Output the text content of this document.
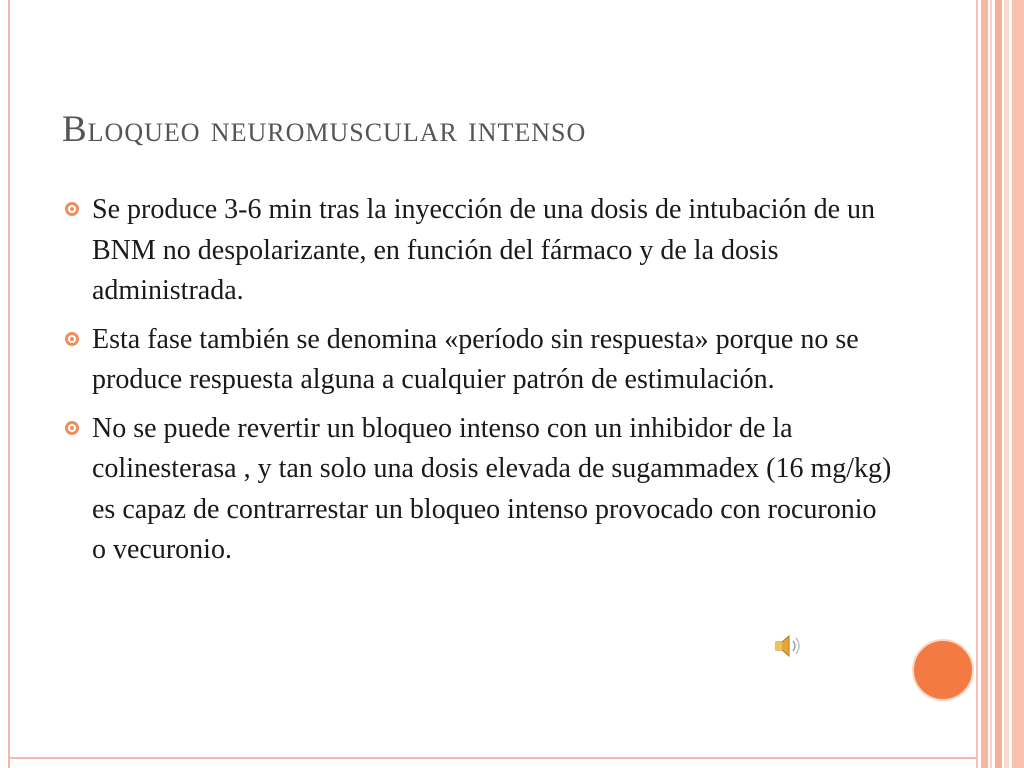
Bloqueo neuromuscular intenso
Se produce 3-6 min tras la inyección de una dosis de intubación de un BNM no despolarizante, en función del fármaco y de la dosis administrada.
Esta fase también se denomina «período sin respuesta» porque no se produce respuesta alguna a cualquier patrón de estimulación.
No se puede revertir un bloqueo intenso con un inhibidor de la colinesterasa , y tan solo una dosis elevada de sugammadex (16 mg/kg) es capaz de contrarrestar un bloqueo intenso provocado con rocuronio o vecuronio.
